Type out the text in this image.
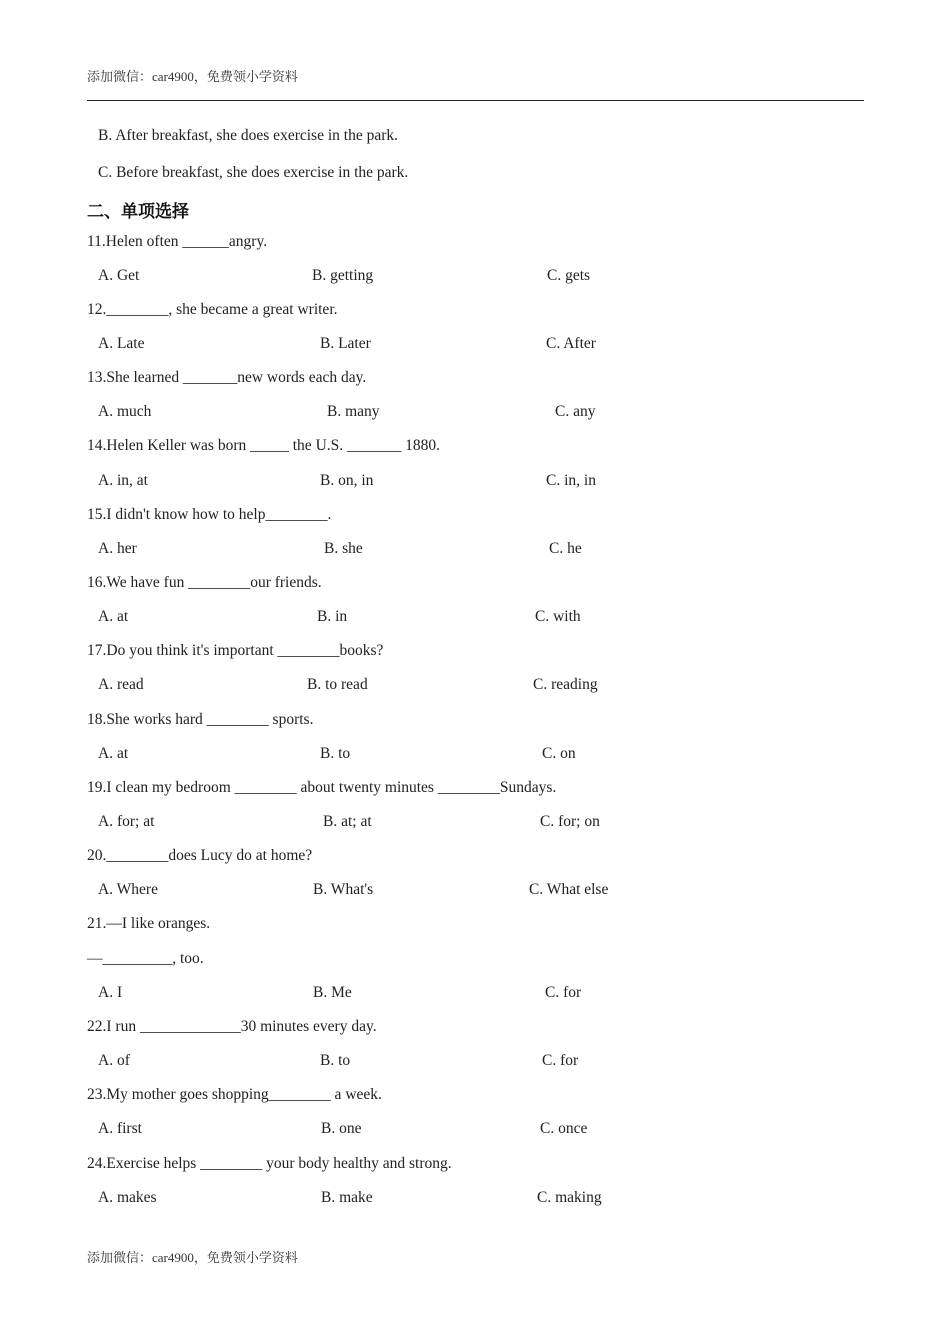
添加微信：car4900，免费领小学资料
B. After breakfast, she does exercise in the park.
C. Before breakfast, she does exercise in the park.
二、单项选择
11.Helen often ______angry.
A. Get	B. getting	C. gets
12.________, she became a great writer.
A. Late	B. Later	C. After
13.She learned _______new words each day.
A. much	B. many	C. any
14.Helen Keller was born _____ the U.S. _______ 1880.
A. in, at	B. on, in	C. in, in
15.I didn't know how to help________.
A. her	B. she	C. he
16.We have fun ________our friends.
A. at	B. in	C. with
17.Do you think it's important ________books?
A. read	B. to read	C. reading
18.She works hard ________ sports.
A. at	B. to	C. on
19.I clean my bedroom ________ about twenty minutes ________Sundays.
A. for; at	B. at; at	C. for; on
20.________does Lucy do at home?
A. Where	B. What's	C. What else
21.—I like oranges.
—_________, too.
A. I	B. Me	C. for
22.I run _____________30 minutes every day.
A. of	B. to	C. for
23.My mother goes shopping________ a week.
A. first	B. one	C. once
24.Exercise helps ________ your body healthy and strong.
A. makes	B. make	C. making
添加微信：car4900，免费领小学资料
